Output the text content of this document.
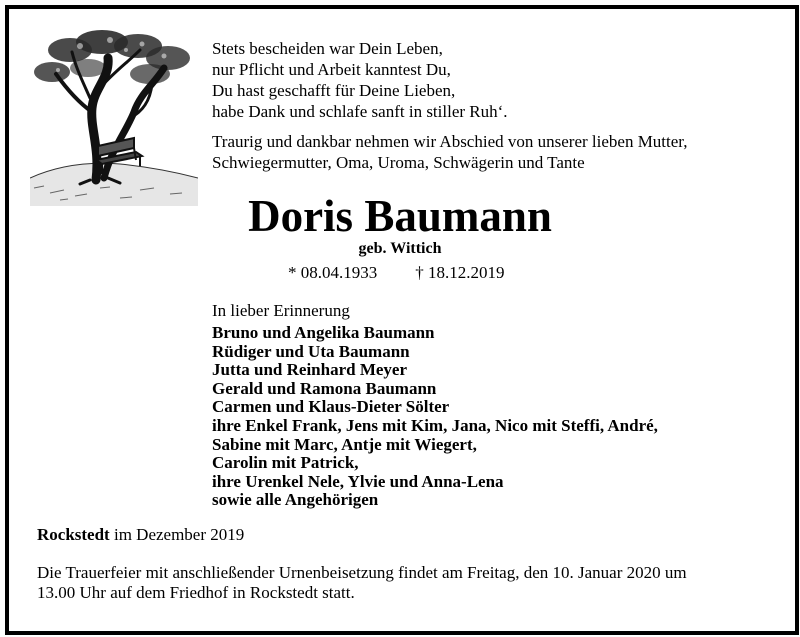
Stets bescheiden war Dein Leben,
nur Pflicht und Arbeit kanntest Du,
Du hast geschafft für Deine Lieben,
habe Dank und schlafe sanft in stiller Ruh‘.
Traurig und dankbar nehmen wir Abschied von unserer lieben Mutter,
Schwiegermutter, Oma, Uroma, Schwägerin und Tante
Doris Baumann
geb. Wittich
* 08.04.1933 † 18.12.2019
In lieber Erinnerung
Bruno und Angelika Baumann
Rüdiger und Uta Baumann
Jutta und Reinhard Meyer
Gerald und Ramona Baumann
Carmen und Klaus-Dieter Sölter
ihre Enkel Frank, Jens mit Kim, Jana, Nico mit Steffi, André,
Sabine mit Marc, Antje mit Wiegert,
Carolin mit Patrick,
ihre Urenkel Nele, Ylvie und Anna-Lena
sowie alle Angehörigen
Rockstedt im Dezember 2019
Die Trauerfeier mit anschließender Urnenbeisetzung findet am Freitag, den 10. Januar 2020 um
13.00 Uhr auf dem Friedhof in Rockstedt statt.
